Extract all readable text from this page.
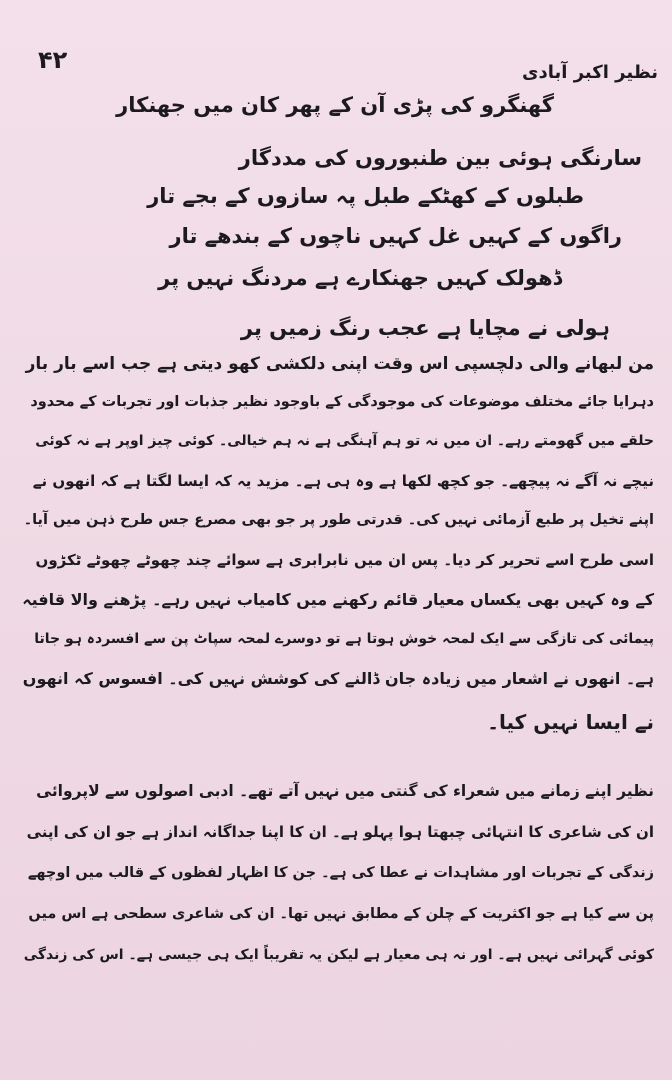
۴۲	نظیر اکبر آبادی
گھنگرو کی پڑی آن کے پھر کان میں جھنکار
سارنگی ہوئی بین طنبوروں کی مددگار
طبلوں کے کھٹکے طبل پہ سازوں کے بجے تار
راگوں کے کہیں غل کہیں ناچوں کے بندھے تار
ڈھولک کہیں جھنکارے ہے مردنگ نہیں پر
ہولی نے مچایا ہے عجب رنگ زمیں پر
من لبھانے والی دلچسپی اس وقت اپنی دلکشی کھو دیتی ہے جب اسے بار بار
دہرایا جائے مختلف موضوعات کی موجودگی کے باوجود نظیر جذبات اور تجربات کے محدود
حلقے میں گھومتے رہے۔ ان میں نہ تو ہم آہنگی ہے نہ ہم خیالی۔ کوئی چیز اوپر ہے نہ کوئی
نیچے نہ آگے نہ پیچھے۔ جو کچھ لکھا ہے وہ ہی ہے۔ مزید یہ کہ ایسا لگتا ہے کہ انھوں نے
اپنے تخیل پر طبع آزمائی نہیں کی۔ قدرتی طور پر جو بھی مصرع جس طرح ذہن میں آیا۔
اسی طرح اسے تحریر کر دیا۔ پس ان میں نابرابری ہے سوائے چند چھوٹے چھوٹے ٹکڑوں
کے وہ کہیں بھی یکساں معیار قائم رکھنے میں کامیاب نہیں رہے۔ پڑھنے والا قافیہ
پیمائی کی تازگی سے ایک لمحہ خوش ہوتا ہے تو دوسرے لمحہ سپاٹ پن سے افسردہ ہو جاتا
ہے۔ انھوں نے اشعار میں زیادہ جان ڈالنے کی کوشش نہیں کی۔ افسوس کہ انھوں
نے ایسا نہیں کیا۔
نظیر اپنے زمانے میں شعراء کی گنتی میں نہیں آتے تھے۔ ادبی اصولوں سے لاپروائی
ان کی شاعری کا انتہائی چبھتا ہوا پہلو ہے۔ ان کا اپنا جداگانہ انداز ہے جو ان کی اپنی
زندگی کے تجربات اور مشاہدات نے عطا کی ہے۔ جن کا اظہار لفظوں کے قالب میں اوچھے
پن سے کیا ہے جو اکثریت کے چلن کے مطابق نہیں تھا۔ ان کی شاعری سطحی ہے اس میں
کوئی گہرائی نہیں ہے۔ اور نہ ہی معیار ہے لیکن یہ تقریباً ایک ہی جیسی ہے۔ اس کی زندگی
